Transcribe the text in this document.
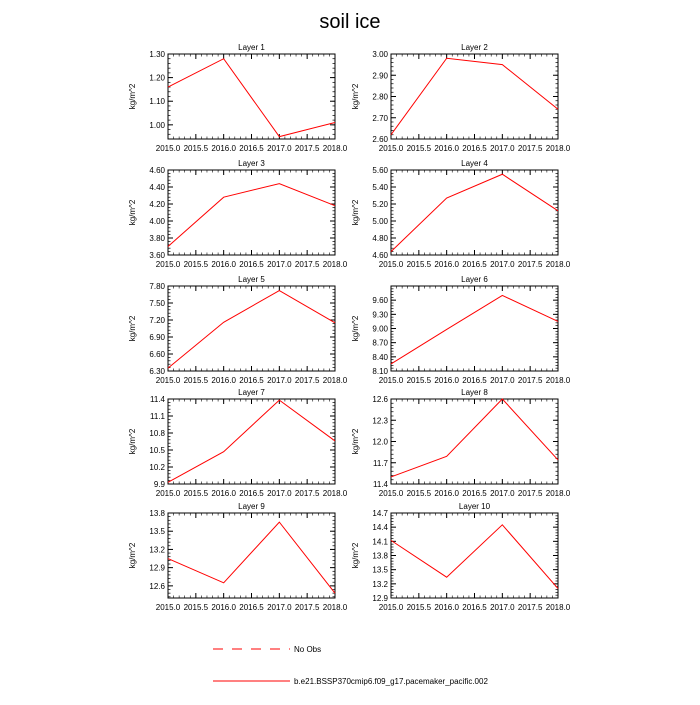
soil ice
Layer 1
kg/m^2
1.00
1.10
1.20
1.30
2015.0 2015.5 2016.0 2016.5 2017.0 2017.5 2018.0
Layer 2
kg/m^2
2.60
2.70
2.80
2.90
3.00
2015.0 2015.5 2016.0 2016.5 2017.0 2017.5 2018.0
Layer 3
kg/m^2
3.60
3.80
4.00
4.20
4.40
4.60
2015.0 2015.5 2016.0 2016.5 2017.0 2017.5 2018.0
Layer 4
kg/m^2
4.60
4.80
5.00
5.20
5.40
5.60
2015.0 2015.5 2016.0 2016.5 2017.0 2017.5 2018.0
Layer 5
kg/m^2
6.30
6.60
6.90
7.20
7.50
7.80
2015.0 2015.5 2016.0 2016.5 2017.0 2017.5 2018.0
Layer 6
kg/m^2
8.10
8.40
8.70
9.00
9.30
9.60
2015.0 2015.5 2016.0 2016.5 2017.0 2017.5 2018.0
Layer 7
kg/m^2
9.9
10.2
10.5
10.8
11.1
11.4
2015.0 2015.5 2016.0 2016.5 2017.0 2017.5 2018.0
Layer 8
kg/m^2
11.4
11.7
12.0
12.3
12.6
2015.0 2015.5 2016.0 2016.5 2017.0 2017.5 2018.0
Layer 9
kg/m^2
12.6
12.9
13.2
13.5
13.8
2015.0 2015.5 2016.0 2016.5 2017.0 2017.5 2018.0
Layer 10
kg/m^2
12.9
13.2
13.5
13.8
14.1
14.4
14.7
2015.0 2015.5 2016.0 2016.5 2017.0 2017.5 2018.0
No Obs
b.e21.BSSP370cmip6.f09_g17.pacemaker_pacific.002
